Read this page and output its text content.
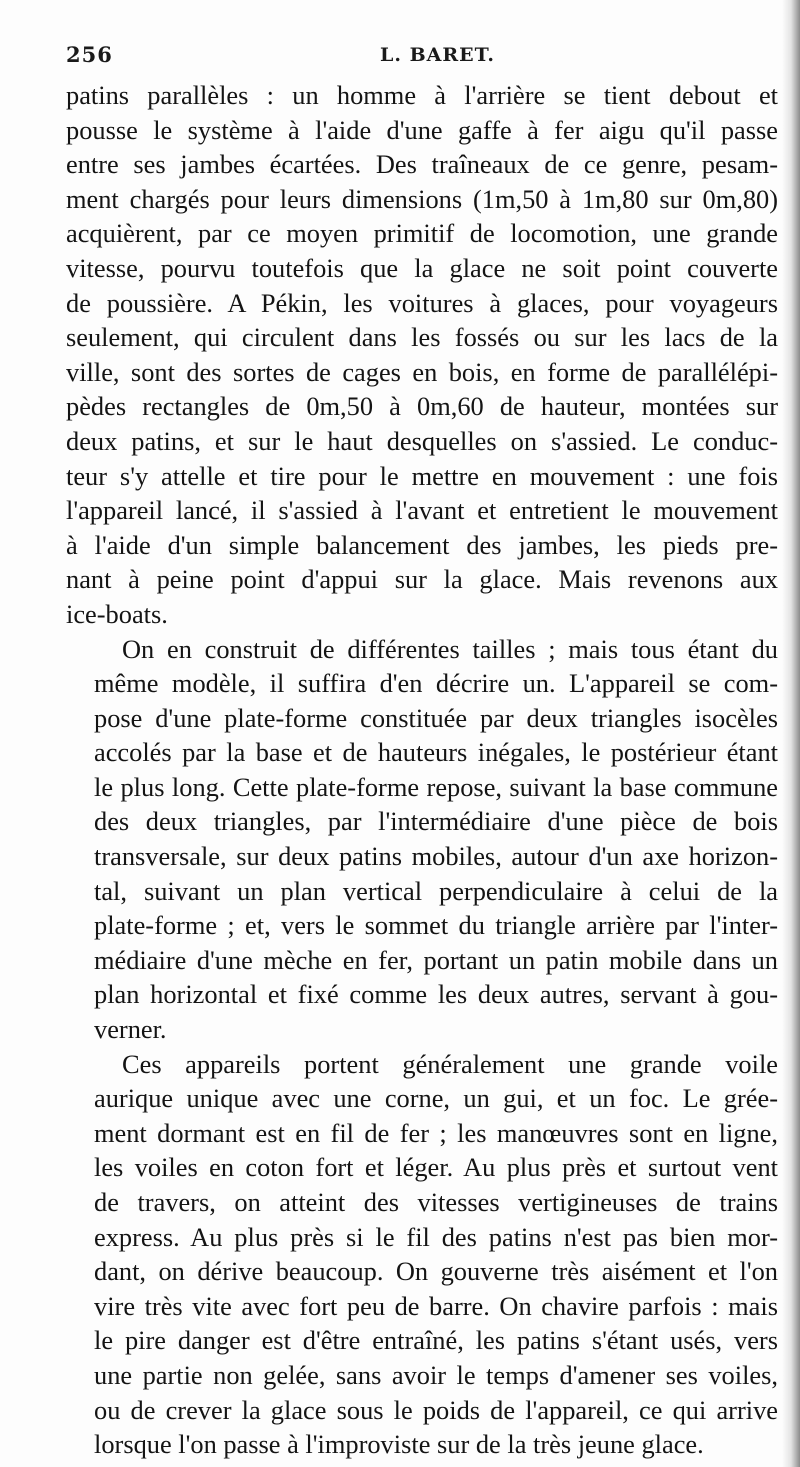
256	L. BARET.
patins parallèles : un homme à l'arrière se tient debout et
pousse le système à l'aide d'une gaffe à fer aigu qu'il passe
entre ses jambes écartées. Des traîneaux de ce genre, pesam-
ment chargés pour leurs dimensions (1m,50 à 1m,80 sur 0m,80)
acquièrent, par ce moyen primitif de locomotion, une grande
vitesse, pourvu toutefois que la glace ne soit point couverte
de poussière. A Pékin, les voitures à glaces, pour voyageurs
seulement, qui circulent dans les fossés ou sur les lacs de la
ville, sont des sortes de cages en bois, en forme de parallélépi-
pèdes rectangles de 0m,50 à 0m,60 de hauteur, montées sur
deux patins, et sur le haut desquelles on s'assied. Le conduc-
teur s'y attelle et tire pour le mettre en mouvement : une fois
l'appareil lancé, il s'assied à l'avant et entretient le mouvement
à l'aide d'un simple balancement des jambes, les pieds pre-
nant à peine point d'appui sur la glace. Mais revenons aux
ice-boats.
On en construit de différentes tailles ; mais tous étant du
même modèle, il suffira d'en décrire un. L'appareil se com-
pose d'une plate-forme constituée par deux triangles isocèles
accolés par la base et de hauteurs inégales, le postérieur étant
le plus long. Cette plate-forme repose, suivant la base commune
des deux triangles, par l'intermédiaire d'une pièce de bois
transversale, sur deux patins mobiles, autour d'un axe horizon-
tal, suivant un plan vertical perpendiculaire à celui de la
plate-forme ; et, vers le sommet du triangle arrière par l'inter-
médiaire d'une mèche en fer, portant un patin mobile dans un
plan horizontal et fixé comme les deux autres, servant à gou-
verner.
Ces appareils portent généralement une grande voile
aurique unique avec une corne, un gui, et un foc. Le grée-
ment dormant est en fil de fer ; les manœuvres sont en ligne,
les voiles en coton fort et léger. Au plus près et surtout vent
de travers, on atteint des vitesses vertigineuses de trains
express. Au plus près si le fil des patins n'est pas bien mor-
dant, on dérive beaucoup. On gouverne très aisément et l'on
vire très vite avec fort peu de barre. On chavire parfois : mais
le pire danger est d'être entraîné, les patins s'étant usés, vers
une partie non gelée, sans avoir le temps d'amener ses voiles,
ou de crever la glace sous le poids de l'appareil, ce qui arrive
lorsque l'on passe à l'improviste sur de la très jeune glace.
